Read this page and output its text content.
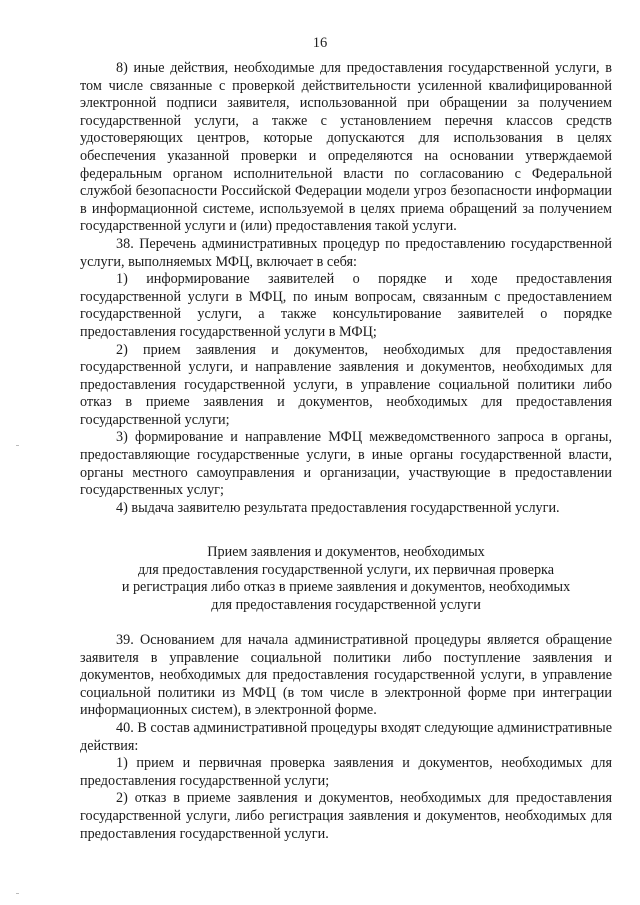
16

8) иные действия, необходимые для предоставления государственной услуги, в том числе связанные с проверкой действительности усиленной квалифицированной электронной подписи заявителя, использованной при обращении за получением государственной услуги, а также с установлением перечня классов средств удостоверяющих центров, которые допускаются для использования в целях обеспечения указанной проверки и определяются на основании утверждаемой федеральным органом исполнительной власти по согласованию с Федеральной службой безопасности Российской Федерации модели угроз безопасности информации в информационной системе, используемой в целях приема обращений за получением государственной услуги и (или) предоставления такой услуги.

38. Перечень административных процедур по предоставлению государственной услуги, выполняемых МФЦ, включает в себя:

1) информирование заявителей о порядке и ходе предоставления государственной услуги в МФЦ, по иным вопросам, связанным с предоставлением государственной услуги, а также консультирование заявителей о порядке предоставления государственной услуги в МФЦ;

2) прием заявления и документов, необходимых для предоставления государственной услуги, и направление заявления и документов, необходимых для предоставления государственной услуги, в управление социальной политики либо отказ в приеме заявления и документов, необходимых для предоставления государственной услуги;

3) формирование и направление МФЦ межведомственного запроса в органы, предоставляющие государственные услуги, в иные органы государственной власти, органы местного самоуправления и организации, участвующие в предоставлении государственных услуг;

4) выдача заявителю результата предоставления государственной услуги.

Прием заявления и документов, необходимых
для предоставления государственной услуги, их первичная проверка
и регистрация либо отказ в приеме заявления и документов, необходимых
для предоставления государственной услуги

39. Основанием для начала административной процедуры является обращение заявителя в управление социальной политики либо поступление заявления и документов, необходимых для предоставления государственной услуги, в управление социальной политики из МФЦ (в том числе в электронной форме при интеграции информационных систем), в электронной форме.

40. В состав административной процедуры входят следующие административные действия:

1) прием и первичная проверка заявления и документов, необходимых для предоставления государственной услуги;

2) отказ в приеме заявления и документов, необходимых для предоставления государственной услуги, либо регистрация заявления и документов, необходимых для предоставления государственной услуги.
